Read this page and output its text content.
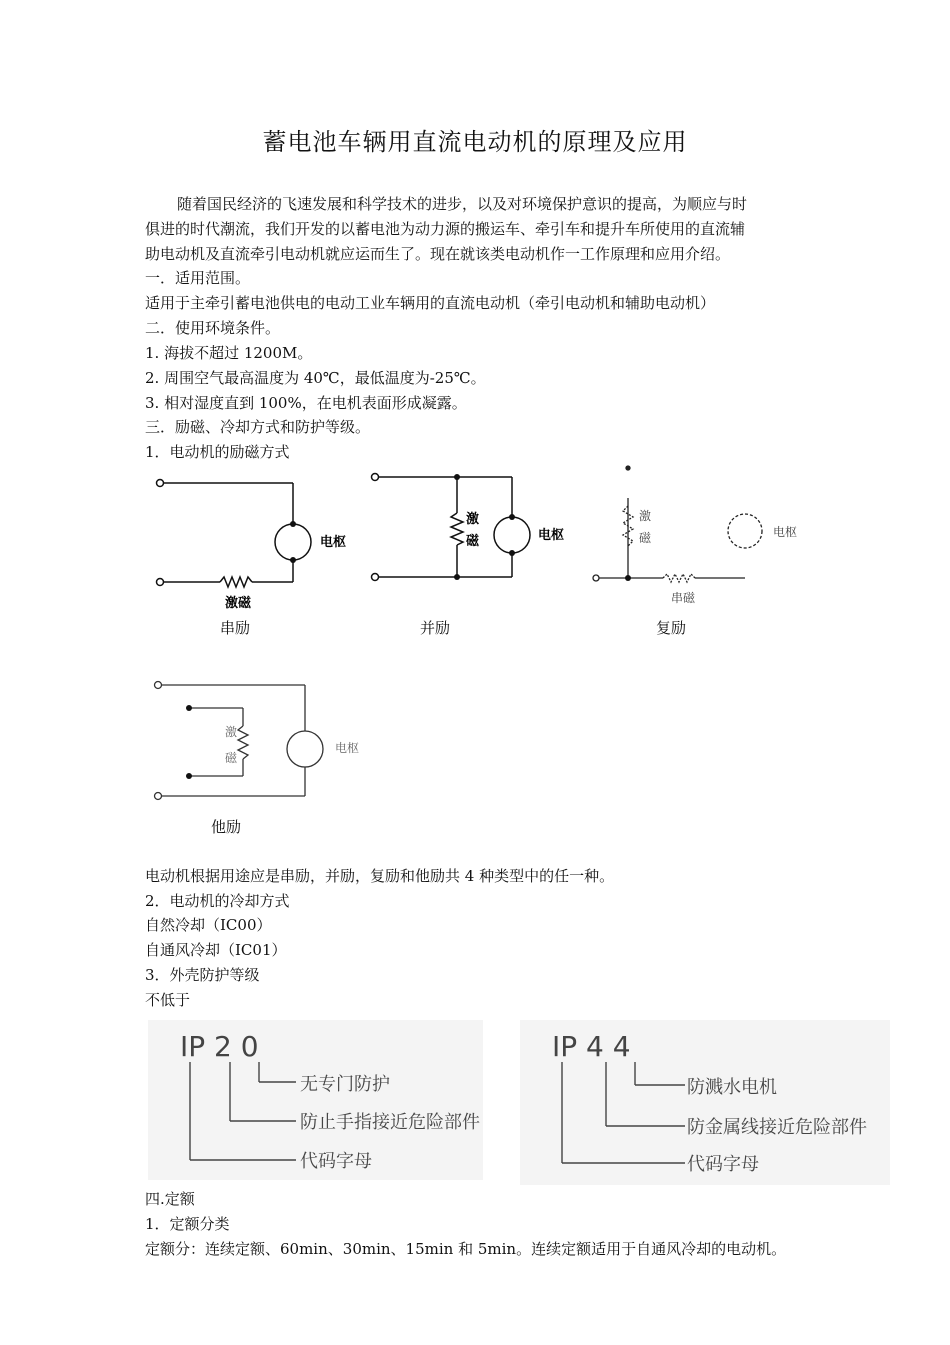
蓄电池车辆用直流电动机的原理及应用
随着国民经济的飞速发展和科学技术的进步，以及对环境保护意识的提高，为顺应与时
俱进的时代潮流，我们开发的以蓄电池为动力源的搬运车、牵引车和提升车所使用的直流辅
助电动机及直流牵引电动机就应运而生了。现在就该类电动机作一工作原理和应用介绍。
一．适用范围。
适用于主牵引蓄电池供电的电动工业车辆用的直流电动机（牵引电动机和辅助电动机）
二．使用环境条件。
1. 海拔不超过 1200M。
2. 周围空气最高温度为 40℃，最低温度为-25℃。
3. 相对湿度直到 100%，在电机表面形成凝露。
三．励磁、冷却方式和防护等级。
1．电动机的励磁方式
电枢
激磁
串励
激
磁	电枢
并励
激
磁	电枢
串磁
复励
激
磁
电枢
他励
电动机根据用途应是串励，并励，复励和他励共 4 种类型中的任一种。
2．电动机的冷却方式
自然冷却（IC00）
自通风冷却（IC01）
3．外壳防护等级
不低于
IP 2 0
无专门防护
防止手指接近危险部件
代码字母
IP 4 4
防溅水电机
防金属线接近危险部件
代码字母
四.定额
1．定额分类
定额分：连续定额、60min、30min、15min 和 5min。连续定额适用于自通风冷却的电动机。
